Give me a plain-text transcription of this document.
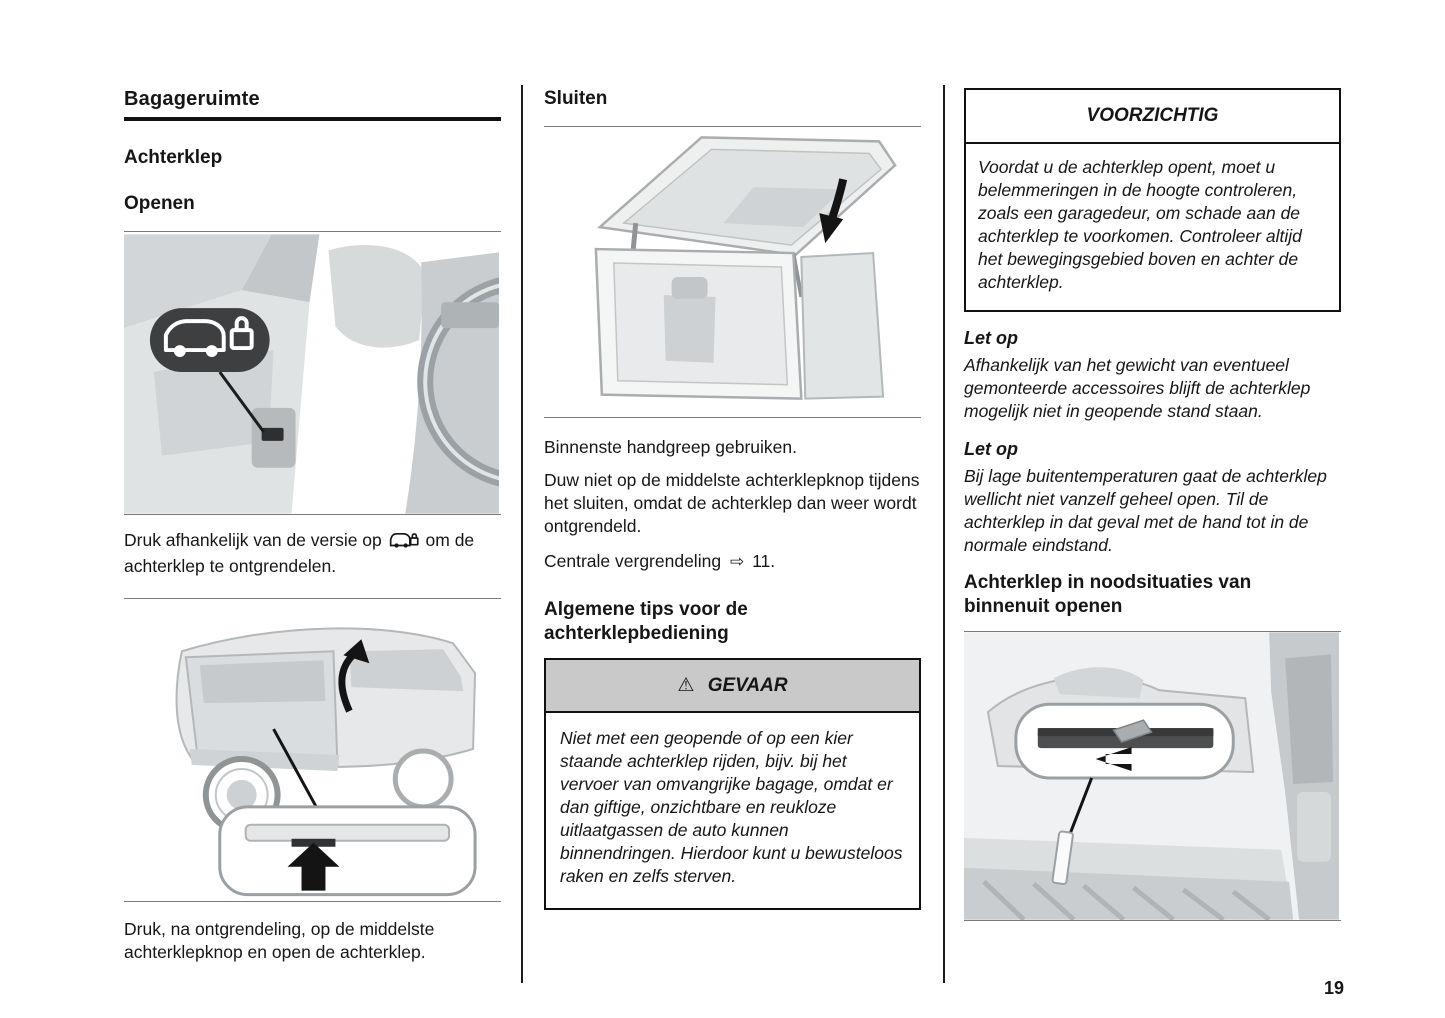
Bagageruimte
Achterklep
Openen

Druk afhankelijk van de versie op	om de achterklep te ontgrendelen.

Druk, na ontgrendeling, op de middelste achterklepknop en open de achterklep.

Sluiten

Binnenste handgreep gebruiken.

Duw niet op de middelste achterklepknop tijdens het sluiten, omdat de achterklep dan weer wordt ontgrendeld.

Centrale vergrendeling ⇨ 11.

Algemene tips voor de achterklepbediening
⚠ GEVAAR
Niet met een geopende of op een kier staande achterklep rijden, bijv. bij het vervoer van omvangrijke bagage, omdat er dan giftige, onzichtbare en reukloze uitlaatgassen de auto kunnen binnendringen. Hierdoor kunt u bewusteloos raken en zelfs sterven.
VOORZICHTIG
Voordat u de achterklep opent, moet u belemmeringen in de hoogte controleren, zoals een garagedeur, om schade aan de achterklep te voorkomen. Controleer altijd het bewegingsgebied boven en achter de achterklep.
Let op
Afhankelijk van het gewicht van eventueel gemonteerde accessoires blijft de achterklep mogelijk niet in geopende stand staan.
Let op
Bij lage buitentemperaturen gaat de achterklep wellicht niet vanzelf geheel open. Til de achterklep in dat geval met de hand tot in de normale eindstand.
Achterklep in noodsituaties van binnenuit openen
19
